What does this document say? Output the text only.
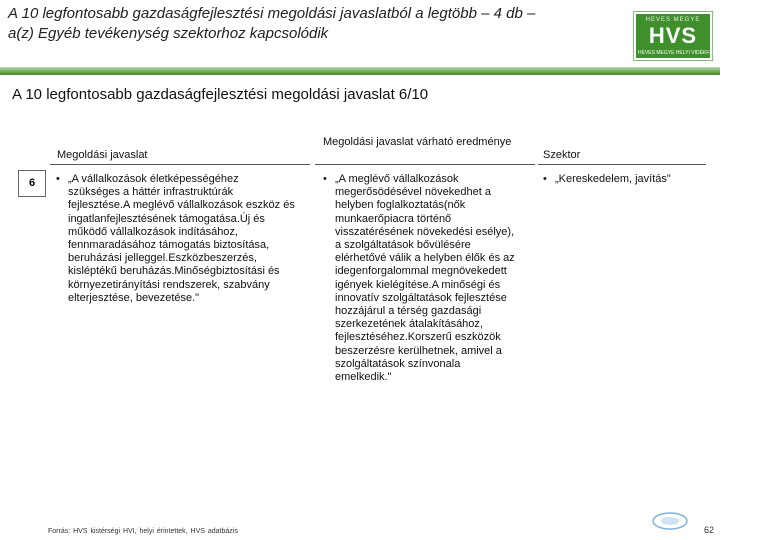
A 10 legfontosabb gazdaságfejlesztési megoldási javaslatból a legtöbb – 4 db –
a(z) Egyéb tevékenység szektorhoz kapcsolódik
HEVES MEGYE
HVS
HEVES MEGYE HELYI VIDÉKFEJLESZTÉSI STRATÉGIÁI
A 10 legfontosabb gazdaságfejlesztési megoldási javaslat 6/10
Megoldási javaslat
Megoldási javaslat várható eredménye
Szektor
6	• „A vállalkozások életképességéhez
szükséges a háttér infrastruktúrák
fejlesztése.A meglévő vállalkozások eszköz és
ingatlanfejlesztésének támogatása.Új és
működő vállalkozások indításához,
fennmaradásához támogatás biztosítása,
beruházási jelleggel.Eszközbeszerzés,
kisléptékű beruházás.Minőségbiztosítási és
környezetirányítási rendszerek, szabvány
elterjesztése, bevezetése."
• „A meglévő vállalkozások
megerősödésével növekedhet a
helyben foglalkoztatás(nők
munkaerőpiacra történő
visszatérésének növekedési esélye),
a szolgáltatások bővülésére
elérhetővé válik a helyben élők és az
idegenforgalommal megnövekedett
igények kielégítése.A minőségi és
innovatív szolgáltatások fejlesztése
hozzájárul a térség gazdasági
szerkezetének átalakításához,
fejlesztéséhez.Korszerű eszközök
beszerzésre kerülhetnek, amivel a
szolgáltatások színvonala
emelkedik."
• „Kereskedelem, javítás"
Forrás: HVS kistérségi HVI, helyi érintettek, HVS adatbázis	62
